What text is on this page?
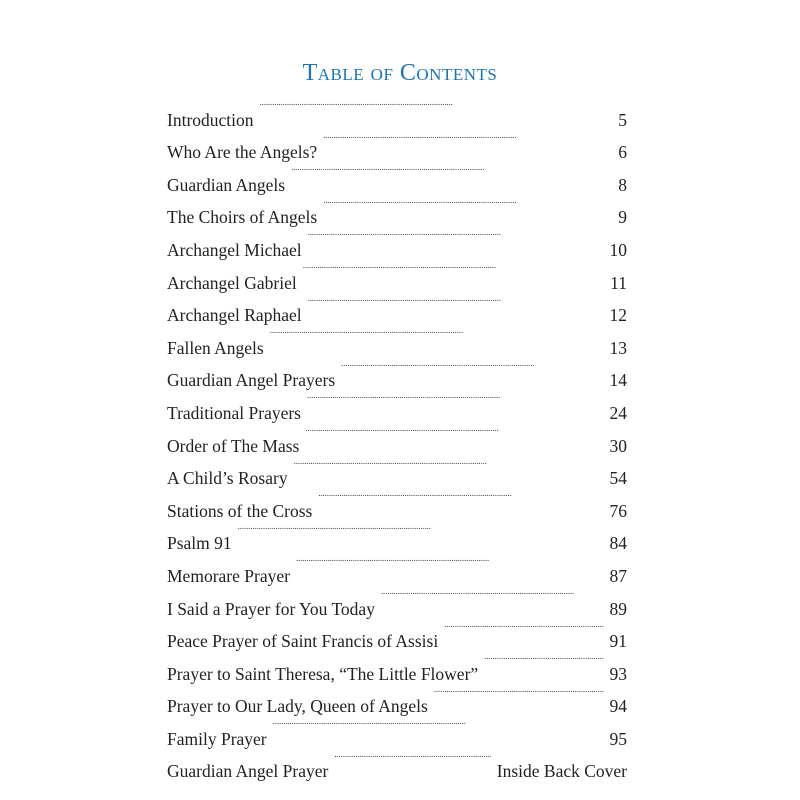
Table of Contents
Introduction . . .	5
Who Are the Angels? . . .	6
Guardian Angels . . .	8
The Choirs of Angels . . .	9
Archangel Michael . . .	10
Archangel Gabriel . . .	11
Archangel Raphael . . .	12
Fallen Angels . . .	13
Guardian Angel Prayers . . .	14
Traditional Prayers . . .	24
Order of The Mass . . .	30
A Child’s Rosary . . .	54
Stations of the Cross . . .	76
Psalm 91 . . .	84
Memorare Prayer . . .	87
I Said a Prayer for You Today . . .	89
Peace Prayer of Saint Francis of Assisi . . .	91
Prayer to Saint Theresa, “The Little Flower” . . .	93
Prayer to Our Lady, Queen of Angels . . .	94
Family Prayer . . .	95
Guardian Angel Prayer . . .	Inside Back Cover
